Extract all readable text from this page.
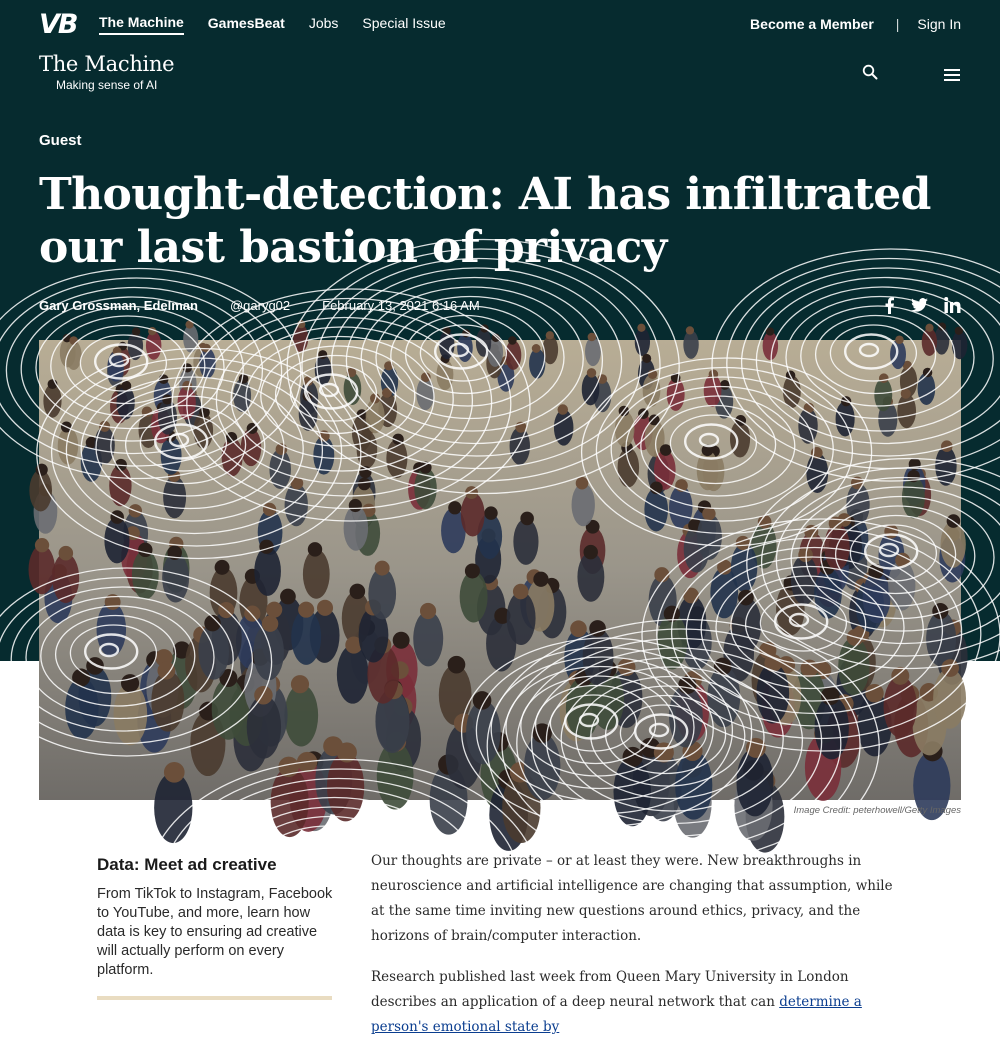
VB	The Machine GamesBeat Jobs Special Issue	Become a Member | Sign In
The Machine
Making sense of AI
Guest
Thought-detection: AI has infiltrated our last bastion of privacy
Gary Grossman, Edelman @garyg02 February 13, 2021 6:16 AM
Image Credit: peterhowell/Getty Images
Data: Meet ad creative

From TikTok to Instagram, Facebook to YouTube, and more, learn how data is key to ensuring ad creative will actually perform on every platform.

Our thoughts are private – or at least they were. New breakthroughs in neuroscience and artificial intelligence are changing that assumption, while at the same time inviting new questions around ethics, privacy, and the horizons of brain/computer interaction.

Research published last week from Queen Mary University in London describes an application of a deep neural network that can determine a person's emotional state by
